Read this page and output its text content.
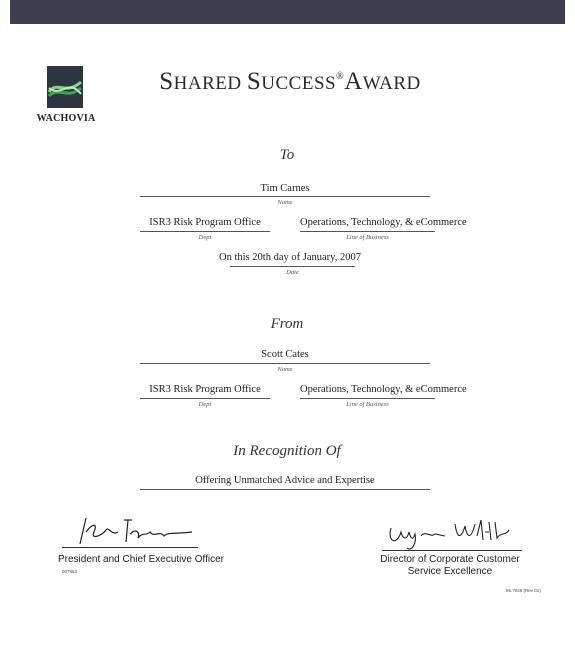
WACHOVIA
SHARED SUCCESS®AWARD
To
Tim Carnes
Name
ISR3 Risk Program Office
Dept
Operations, Technology, & eCommerce
Line of Business
On this 20th day of January, 2007
Date
From
Scott Cates
Name
ISR3 Risk Program Office
Dept
Operations, Technology, & eCommerce
Line of Business
In Recognition Of
Offering Unmatched Advice and Expertise
President and Chief Executive Officer
007863
Director of Corporate Customer
Service Excellence
56.7049 (Rev 01)
